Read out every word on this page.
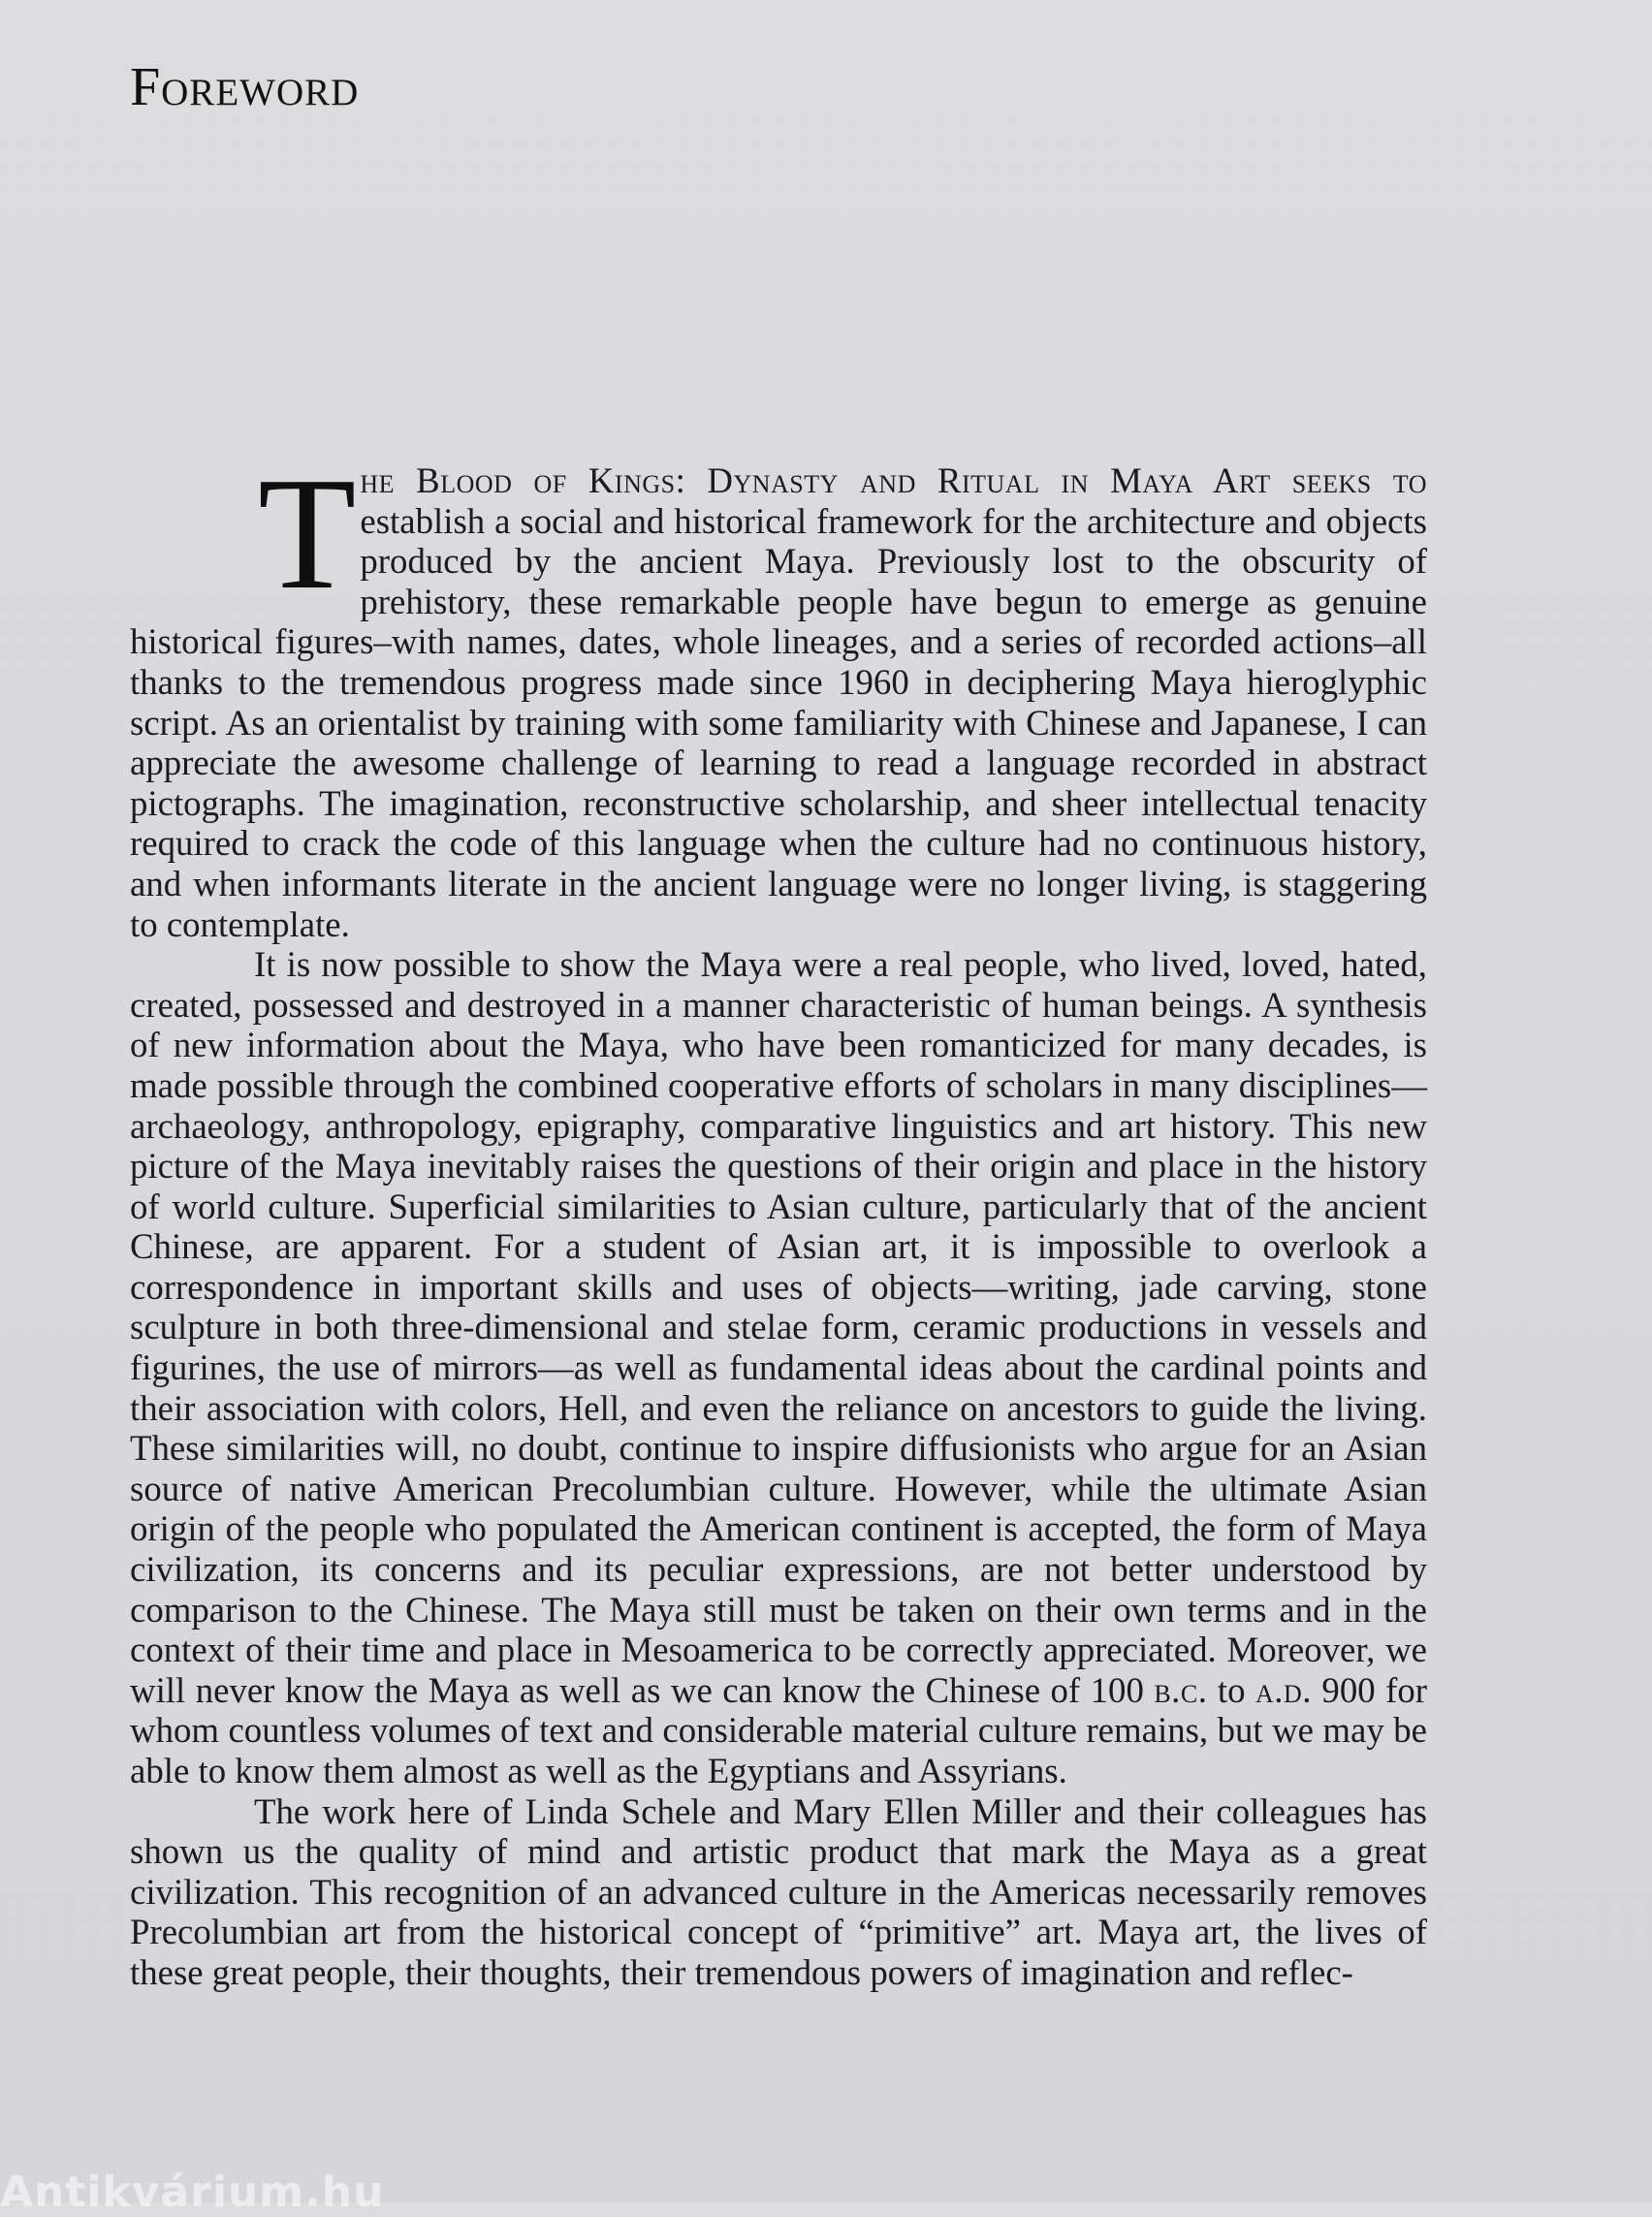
Foreword

The Blood of Kings: Dynasty and Ritual in Maya Art seeks to establish a social and historical framework for the architecture and objects produced by the ancient Maya. Previously lost to the obscurity of prehistory, these remarkable people have begun to emerge as genuine historical figures–with names, dates, whole lineages, and a series of recorded actions–all thanks to the tremendous progress made since 1960 in deciphering Maya hieroglyphic script. As an orientalist by training with some familiarity with Chinese and Japanese, I can appreciate the awesome challenge of learning to read a language recorded in abstract pictographs. The imagination, reconstructive scholarship, and sheer intellectual tenacity required to crack the code of this language when the culture had no continuous history, and when informants literate in the ancient language were no longer living, is staggering to contemplate.

It is now possible to show the Maya were a real people, who lived, loved, hated, created, possessed and destroyed in a manner characteristic of human beings. A synthesis of new information about the Maya, who have been romanticized for many decades, is made possible through the combined cooperative efforts of scholars in many disciplines—archaeology, anthropology, epigraphy, comparative linguistics and art history. This new picture of the Maya inevitably raises the questions of their origin and place in the history of world culture. Superficial similarities to Asian culture, particularly that of the ancient Chinese, are apparent. For a student of Asian art, it is impossible to overlook a correspondence in important skills and uses of objects—writing, jade carving, stone sculpture in both three-dimensional and stelae form, ceramic productions in vessels and figurines, the use of mirrors—as well as fundamental ideas about the cardinal points and their association with colors, Hell, and even the reliance on ancestors to guide the living. These similarities will, no doubt, continue to inspire diffusionists who argue for an Asian source of native American Precolumbian culture. However, while the ultimate Asian origin of the people who populated the American continent is accepted, the form of Maya civilization, its concerns and its peculiar expressions, are not better understood by comparison to the Chinese. The Maya still must be taken on their own terms and in the context of their time and place in Mesoamerica to be correctly appreciated. Moreover, we will never know the Maya as well as we can know the Chinese of 100 b.c. to a.d. 900 for whom countless volumes of text and considerable material culture remains, but we may be able to know them almost as well as the Egyptians and Assyrians.

The work here of Linda Schele and Mary Ellen Miller and their colleagues has shown us the quality of mind and artistic product that mark the Maya as a great civilization. This recognition of an advanced culture in the Americas necessarily removes Precolumbian art from the historical concept of “primitive” art. Maya art, the lives of these great people, their thoughts, their tremendous powers of imagination and reflec-

Antikvárium.hu
